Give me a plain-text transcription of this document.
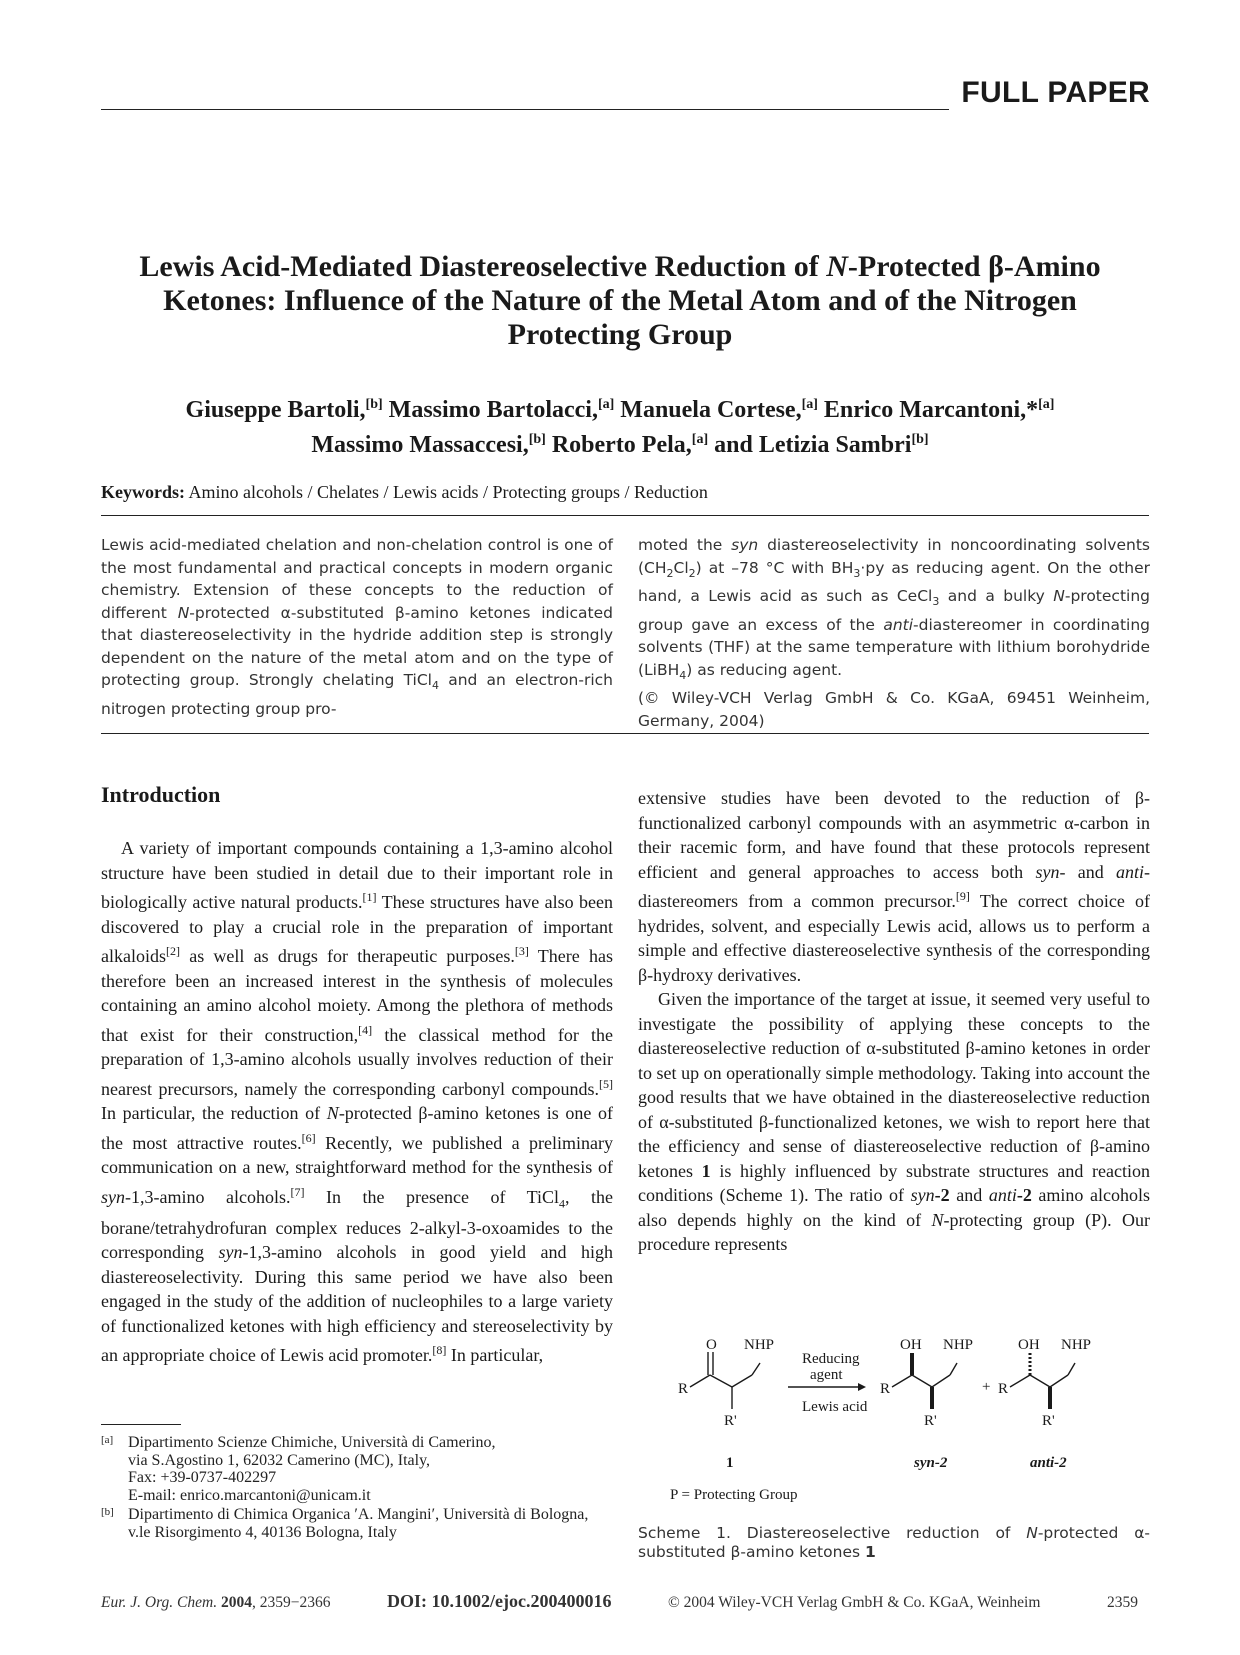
FULL PAPER
Lewis Acid-Mediated Diastereoselective Reduction of N-Protected β-Amino Ketones: Influence of the Nature of the Metal Atom and of the Nitrogen Protecting Group
Giuseppe Bartoli,[b] Massimo Bartolacci,[a] Manuela Cortese,[a] Enrico Marcantoni,*[a]
Massimo Massaccesi,[b] Roberto Pela,[a] and Letizia Sambri[b]
Keywords: Amino alcohols / Chelates / Lewis acids / Protecting groups / Reduction
Lewis acid-mediated chelation and non-chelation control is one of the most fundamental and practical concepts in modern organic chemistry. Extension of these concepts to the reduction of different N-protected α-substituted β-amino ketones indicated that diastereoselectivity in the hydride addition step is strongly dependent on the nature of the metal atom and on the type of protecting group. Strongly chelating TiCl$_4$ and an electron-rich nitrogen protecting group pro-
moted the syn diastereoselectivity in noncoordinating solvents $(CH_2Cl_2)$ at –78 °C with $BH_3\cdot py$ as reducing agent. On the other hand, a Lewis acid as such as CeCl$_3$ and a bulky N-protecting group gave an excess of the anti-diastereomer in coordinating solvents (THF) at the same temperature with lithium borohydride (LiBH$_4$) as reducing agent.
(© Wiley-VCH Verlag GmbH & Co. KGaA, 69451 Weinheim, Germany, 2004)
Introduction

A variety of important compounds containing a 1,3-amino alcohol structure have been studied in detail due to their important role in biologically active natural products.[1] These structures have also been discovered to play a crucial role in the preparation of important alkaloids[2] as well as drugs for therapeutic purposes.[3] There has therefore been an increased interest in the synthesis of molecules containing an amino alcohol moiety. Among the plethora of methods that exist for their construction,[4] the classical method for the preparation of 1,3-amino alcohols usually involves reduction of their nearest precursors, namely the corresponding carbonyl compounds.[5] In particular, the reduction of N-protected β-amino ketones is one of the most attractive routes.[6] Recently, we published a preliminary communication on a new, straightforward method for the synthesis of syn-1,3-amino alcohols.[7] In the presence of TiCl$_4$, the borane/tetrahydrofuran complex reduces 2-alkyl-3-oxoamides to the corresponding syn-1,3-amino alcohols in good yield and high diastereoselectivity. During this same period we have also been engaged in the study of the addition of nucleophiles to a large variety of functionalized ketones with high efficiency and stereoselectivity by an appropriate choice of Lewis acid promoter.[8] In particular,

extensive studies have been devoted to the reduction of β-functionalized carbonyl compounds with an asymmetric α-carbon in their racemic form, and have found that these protocols represent efficient and general approaches to access both syn- and anti-diastereomers from a common precursor.[9] The correct choice of hydrides, solvent, and especially Lewis acid, allows us to perform a simple and effective diastereoselective synthesis of the corresponding β-hydroxy derivatives.

Given the importance of the target at issue, it seemed very useful to investigate the possibility of applying these concepts to the diastereoselective reduction of α-substituted β-amino ketones in order to set up on operationally simple methodology. Taking into account the good results that we have obtained in the diastereoselective reduction of α-substituted β-functionalized ketones, we wish to report here that the efficiency and sense of diastereoselective reduction of β-amino ketones 1 is highly influenced by substrate structures and reaction conditions (Scheme 1). The ratio of syn-2 and anti-2 amino alcohols also depends highly on the kind of N-protecting group (P). Our procedure represents

[a] Dipartimento Scienze Chimiche, Università di Camerino,
via S.Agostino 1, 62032 Camerino (MC), Italy,
Fax: +39-0737-402297
E-mail: enrico.marcantoni@unicam.it
[b] Dipartimento di Chimica Organica ′A. Mangini′, Università di Bologna,
v.le Risorgimento 4, 40136 Bologna, Italy
O NHP
R
R'
Reducing
agent
Lewis acid
OH NHP
R
R'
+
OH NHP
R
R'
1	syn-2	anti-2
P = Protecting Group
Scheme 1. Diastereoselective reduction of N-protected α-substituted β-amino ketones 1
Eur. J. Org. Chem. 2004, 2359−2366	DOI: 10.1002/ejoc.200400016	© 2004 Wiley-VCH Verlag GmbH & Co. KGaA, Weinheim	2359
